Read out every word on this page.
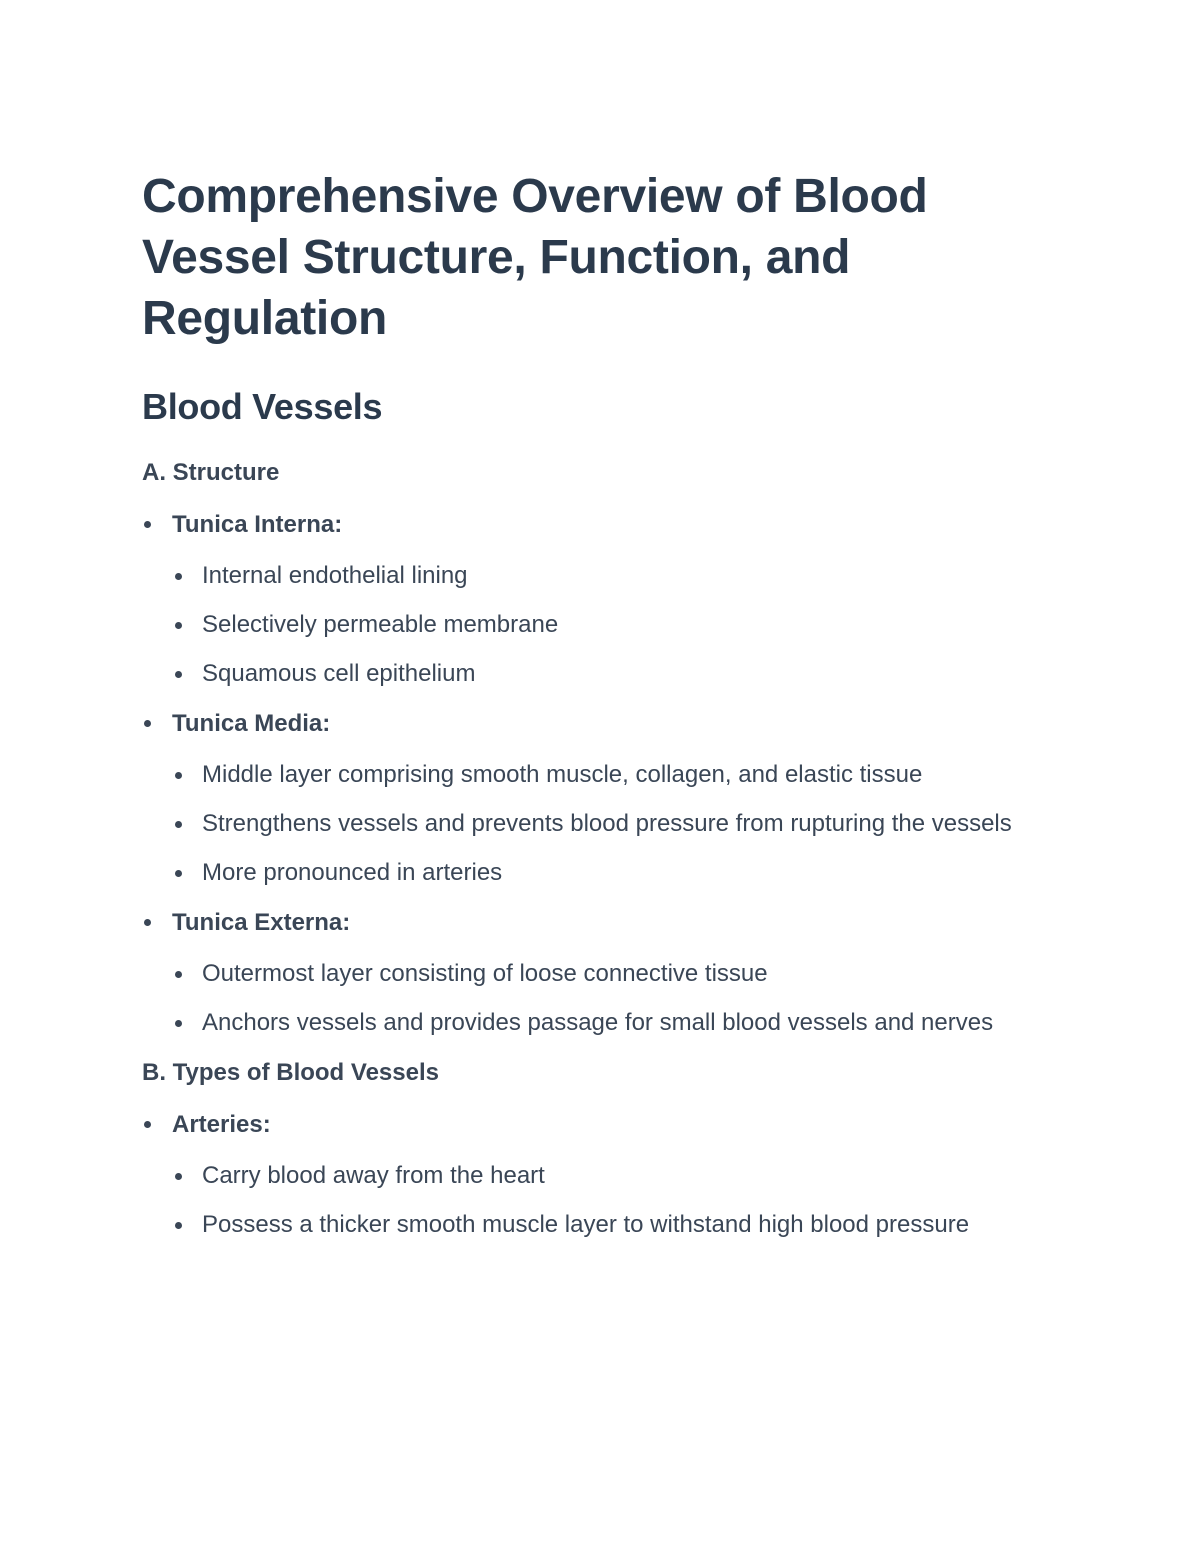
Comprehensive Overview of Blood Vessel Structure, Function, and Regulation
Blood Vessels
A. Structure
Tunica Interna:
Internal endothelial lining
Selectively permeable membrane
Squamous cell epithelium
Tunica Media:
Middle layer comprising smooth muscle, collagen, and elastic tissue
Strengthens vessels and prevents blood pressure from rupturing the vessels
More pronounced in arteries
Tunica Externa:
Outermost layer consisting of loose connective tissue
Anchors vessels and provides passage for small blood vessels and nerves
B. Types of Blood Vessels
Arteries:
Carry blood away from the heart
Possess a thicker smooth muscle layer to withstand high blood pressure
